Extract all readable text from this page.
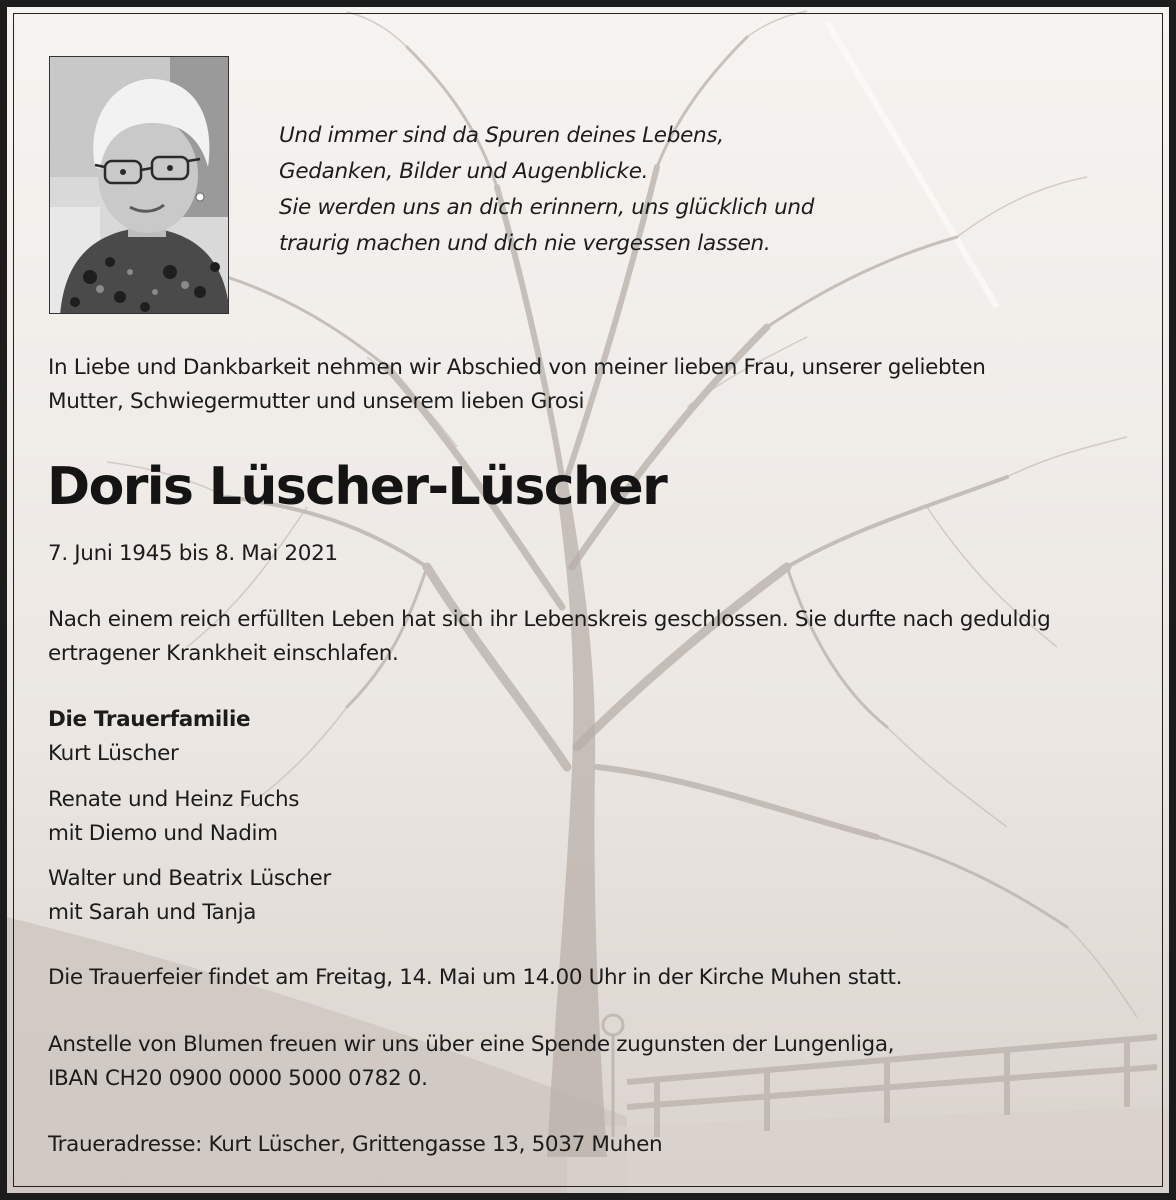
Und immer sind da Spuren deines Lebens,
Gedanken, Bilder und Augenblicke.
Sie werden uns an dich erinnern, uns glücklich und
traurig machen und dich nie vergessen lassen.
In Liebe und Dankbarkeit nehmen wir Abschied von meiner lieben Frau, unserer geliebten
Mutter, Schwiegermutter und unserem lieben Grosi
Doris Lüscher-Lüscher
7. Juni 1945 bis 8. Mai 2021
Nach einem reich erfüllten Leben hat sich ihr Lebenskreis geschlossen. Sie durfte nach geduldig
ertragener Krankheit einschlafen.
Die Trauerfamilie
Kurt Lüscher
Renate und Heinz Fuchs
mit Diemo und Nadim
Walter und Beatrix Lüscher
mit Sarah und Tanja
Die Trauerfeier findet am Freitag, 14. Mai um 14.00 Uhr in der Kirche Muhen statt.
Anstelle von Blumen freuen wir uns über eine Spende zugunsten der Lungenliga,
IBAN CH20 0900 0000 5000 0782 0.
Traueradresse: Kurt Lüscher, Grittengasse 13, 5037 Muhen
